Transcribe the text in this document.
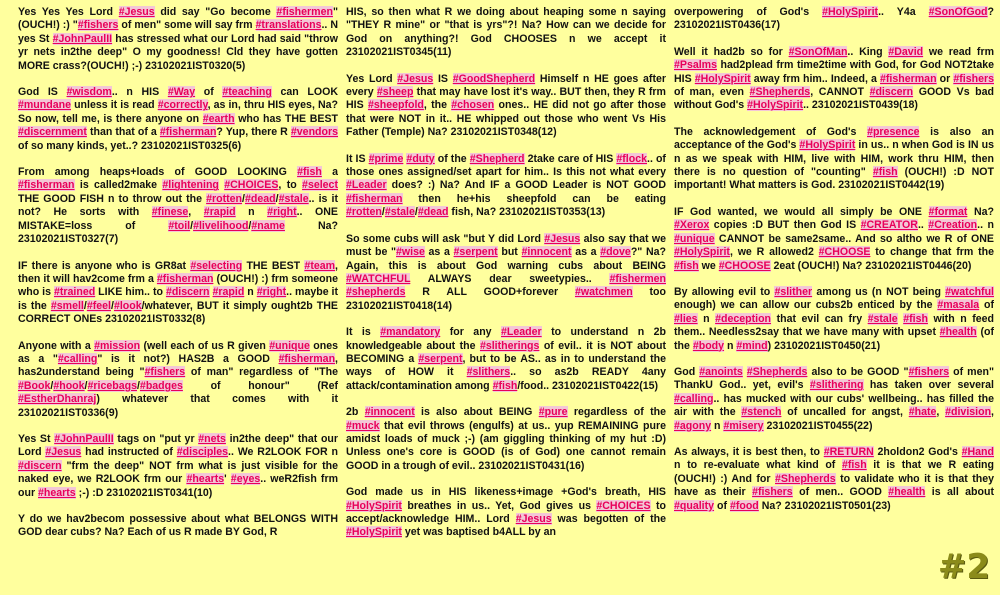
Yes Yes Yes Lord #Jesus did say "Go become #fishermen" (OUCH!) :) "#fishers of men" some will say frm #translations.. N yes St #JohnPaulII has stressed what our Lord had said "throw yr nets in2the deep" O my goodness! Cld they have gotten MORE crass?(OUCH!) ;-) 23102021IST0320(5)

God IS #wisdom.. n HIS #Way of #teaching can LOOK #mundane unless it is read #correctly, as in, thru HIS eyes, Na? So now, tell me, is there anyone on #earth who has THE BEST #discernment than that of a #fisherman? Yup, there R #vendors of so many kinds, yet..? 23102021IST0325(6)

From among heaps+loads of GOOD LOOKING #fish a #fisherman is called2make #lightening #CHOICES, to #select THE GOOD FISH n to throw out the #rotten/#dead/#stale.. is it not? He sorts with #finese, #rapid n #right.. ONE MISTAKE=loss of #toil/#livelihood/#name Na? 23102021IST0327(7)

IF there is anyone who is GR8at #selecting THE BEST #team, then it will hav2come frm a #fisherman (OUCH!) :) frm someone who is #trained LIKE him.. to #discern #rapid n #right.. maybe it is the #smell/#feel/#look/whatever, BUT it simply ought2b THE CORRECT ONEs 23102021IST0332(8)

Anyone with a #mission (well each of us R given #unique ones as a "#calling" is it not?) HAS2B a GOOD #fisherman, has2understand being "#fishers of man" regardless of "The #Book/#hook/#ricebags/#badges of honour" (Ref #EstherDhanraj) whatever that comes with it 23102021IST0336(9)

Yes St #JohnPaulII tags on "put yr #nets in2the deep" that our Lord #Jesus had instructed of #disciples.. We R2LOOK FOR n #discern "frm the deep" NOT frm what is just visible for the naked eye, we R2LOOK frm our #hearts' #eyes.. weR2fish frm our #hearts ;-) :D 23102021IST0341(10)

Y do we hav2becom possessive about what BELONGS WITH GOD dear cubs? Na? Each of us R made BY God, R

HIS, so then what R we doing about heaping some n saying "THEY R mine" or "that is yrs"?! Na? How can we decide for God on anything?! God CHOOSES n we accept it 23102021IST0345(11)

Yes Lord #Jesus IS #GoodShepherd Himself n HE goes after every #sheep that may have lost it's way.. BUT then, they R frm HIS #sheepfold, the #chosen ones.. HE did not go after those that were NOT in it.. HE whipped out those who went Vs His Father (Temple) Na? 23102021IST0348(12)

It IS #prime #duty of the #Shepherd 2take care of HIS #flock.. of those ones assigned/set apart for him.. Is this not what every #Leader does? :) Na? And IF a GOOD Leader is NOT GOOD #fisherman then he+his sheepfold can be eating #rotten/#stale/#dead fish, Na? 23102021IST0353(13)

So some cubs will ask "but Y did Lord #Jesus also say that we must be "#wise as a #serpent but #innocent as a #dove?" Na? Again, this is about God warning cubs about BEING #WATCHFUL ALWAYS dear sweetypies.. #fishermen #shepherds R ALL GOOD+forever #watchmen too 23102021IST0418(14)

It is #mandatory for any #Leader to understand n 2b knowledgeable about the #slitherings of evil.. it is NOT about BECOMING a #serpent, but to be AS.. as in to understand the ways of HOW it #slithers.. so as2b READY 4any attack/contamination among #fish/food.. 23102021IST0422(15)

2b #innocent is also about BEING #pure regardless of the #muck that evil throws (engulfs) at us.. yup REMAINING pure amidst loads of muck ;-) (am giggling thinking of my hut :D) Unless one's core is GOOD (is of God) one cannot remain GOOD in a trough of evil.. 23102021IST0431(16)

God made us in HIS likeness+image +God's breath, HIS #HolySpirit breathes in us.. Yet, God gives us #CHOICES to accept/acknowledge HIM.. Lord #Jesus was begotten of the #HolySpirit yet was baptised b4ALL by an

overpowering of God's #HolySpirit.. Y4a #SonOfGod? 23102021IST0436(17)

Well it had2b so for #SonOfMan.. King #David we read frm #Psalms had2plead frm time2time with God, for God NOT2take HIS #HolySpirit away frm him.. Indeed, a #fisherman or #fishers of man, even #Shepherds, CANNOT #discern GOOD Vs bad without God's #HolySpirit.. 23102021IST0439(18)

The acknowledgement of God's #presence is also an acceptance of the God's #HolySpirit in us.. n when God is IN us n as we speak with HIM, live with HIM, work thru HIM, then there is no question of "counting" #fish (OUCH!) :D NOT important! What matters is God. 23102021IST0442(19)

IF God wanted, we would all simply be ONE #format Na? #Xerox copies :D BUT then God IS #CREATOR.. #Creation.. n #unique CANNOT be same2same.. And so altho we R of ONE #HolySpirit, we R allowed2 #CHOOSE to change that frm the #fish we #CHOOSE 2eat (OUCH!) Na? 23102021IST0446(20)

By allowing evil to #slither among us (n NOT being #watchful enough) we can allow our cubs2b enticed by the #masala of #lies n #deception that evil can fry #stale #fish with n feed them.. Needless2say that we have many with upset #health (of the #body n #mind) 23102021IST0450(21)

God #anoints #Shepherds also to be GOOD "#fishers of men" ThankU God.. yet, evil's #slithering has taken over several #calling.. has mucked with our cubs' wellbeing.. has filled the air with the #stench of uncalled for angst, #hate, #division, #agony n #misery 23102021IST0455(22)

As always, it is best then, to #RETURN 2holdon2 God's #Hand n to re-evaluate what kind of #fish it is that we R eating (OUCH!) :) And for #Shepherds to validate who it is that they have as their #fishers of men.. GOOD #health is all about #quality of #food Na? 23102021IST0501(23)

#2
